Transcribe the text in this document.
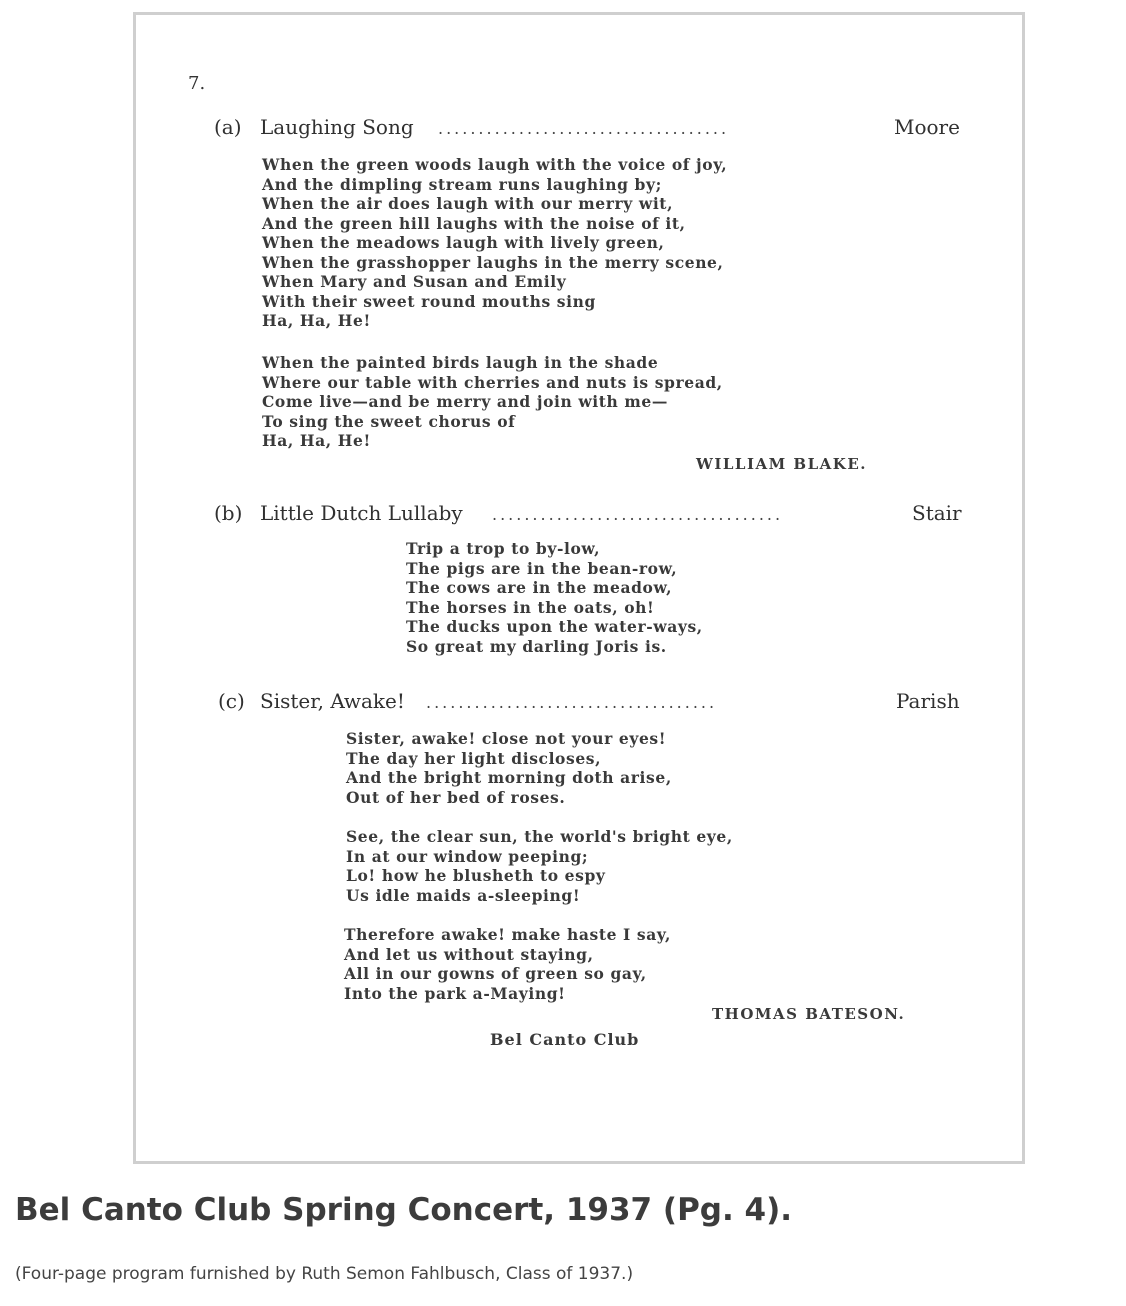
7.
(a) Laughing Song ....................................	Moore
When the green woods laugh with the voice of joy,
And the dimpling stream runs laughing by;
When the air does laugh with our merry wit,
And the green hill laughs with the noise of it,
When the meadows laugh with lively green,
When the grasshopper laughs in the merry scene,
When Mary and Susan and Emily
With their sweet round mouths sing
Ha, Ha, He!
When the painted birds laugh in the shade
Where our table with cherries and nuts is spread,
Come live—and be merry and join with me—
To sing the sweet chorus of
Ha, Ha, He!
WILLIAM BLAKE.
(b) Little Dutch Lullaby ....................................	Stair
Trip a trop to by-low,
The pigs are in the bean-row,
The cows are in the meadow,
The horses in the oats, oh!
The ducks upon the water-ways,
So great my darling Joris is.
(c) Sister, Awake! ....................................	Parish
Sister, awake! close not your eyes!
The day her light discloses,
And the bright morning doth arise,
Out of her bed of roses.
See, the clear sun, the world's bright eye,
In at our window peeping;
Lo! how he blusheth to espy
Us idle maids a-sleeping!
Therefore awake! make haste I say,
And let us without staying,
All in our gowns of green so gay,
Into the park a-Maying!
THOMAS BATESON.
Bel Canto Club
Bel Canto Club Spring Concert, 1937 (Pg. 4).
(Four-page program furnished by Ruth Semon Fahlbusch, Class of 1937.)
